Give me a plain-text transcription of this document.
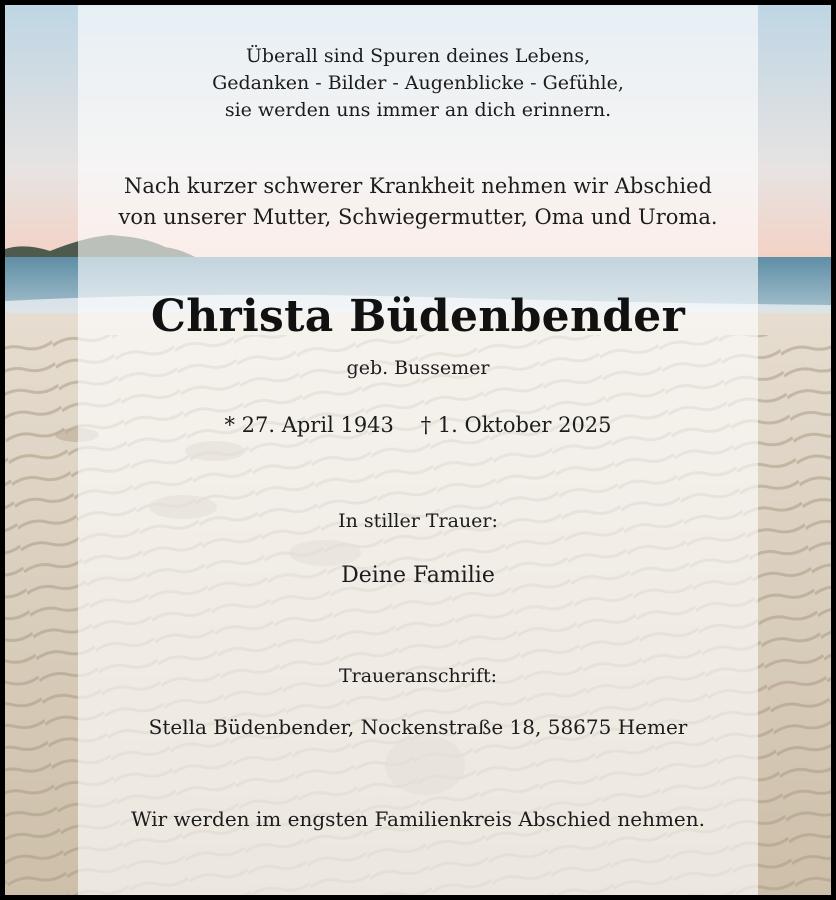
Überall sind Spuren deines Lebens,
Gedanken - Bilder - Augenblicke - Gefühle,
sie werden uns immer an dich erinnern.
Nach kurzer schwerer Krankheit nehmen wir Abschied
von unserer Mutter, Schwiegermutter, Oma und Uroma.
Christa Büdenbender
geb. Bussemer
* 27. April 1943 † 1. Oktober 2025
In stiller Trauer:
Deine Familie
Traueranschrift:
Stella Büdenbender, Nockenstraße 18, 58675 Hemer
Wir werden im engsten Familienkreis Abschied nehmen.
